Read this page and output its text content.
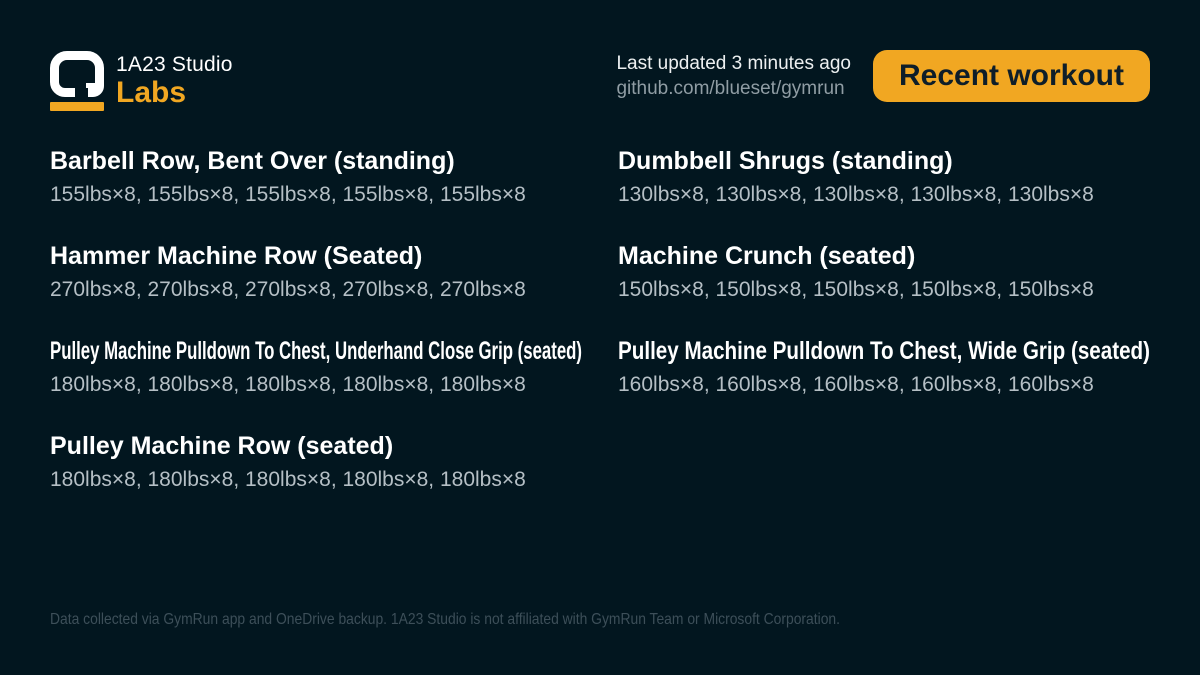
1A23 Studio
Labs
Last updated 3 minutes ago
github.com/blueset/gymrun	Recent workout
Barbell Row, Bent Over (standing)

155lbs×8, 155lbs×8, 155lbs×8, 155lbs×8, 155lbs×8

Dumbbell Shrugs (standing)

130lbs×8, 130lbs×8, 130lbs×8, 130lbs×8, 130lbs×8

Hammer Machine Row (Seated)

270lbs×8, 270lbs×8, 270lbs×8, 270lbs×8, 270lbs×8

Machine Crunch (seated)

150lbs×8, 150lbs×8, 150lbs×8, 150lbs×8, 150lbs×8

Pulley Machine Pulldown To Chest, Underhand Close Grip (seated)

180lbs×8, 180lbs×8, 180lbs×8, 180lbs×8, 180lbs×8

Pulley Machine Pulldown To Chest, Wide Grip (seated)

160lbs×8, 160lbs×8, 160lbs×8, 160lbs×8, 160lbs×8

Pulley Machine Row (seated)

180lbs×8, 180lbs×8, 180lbs×8, 180lbs×8, 180lbs×8

Data collected via GymRun app and OneDrive backup. 1A23 Studio is not affiliated with GymRun Team or Microsoft Corporation.
